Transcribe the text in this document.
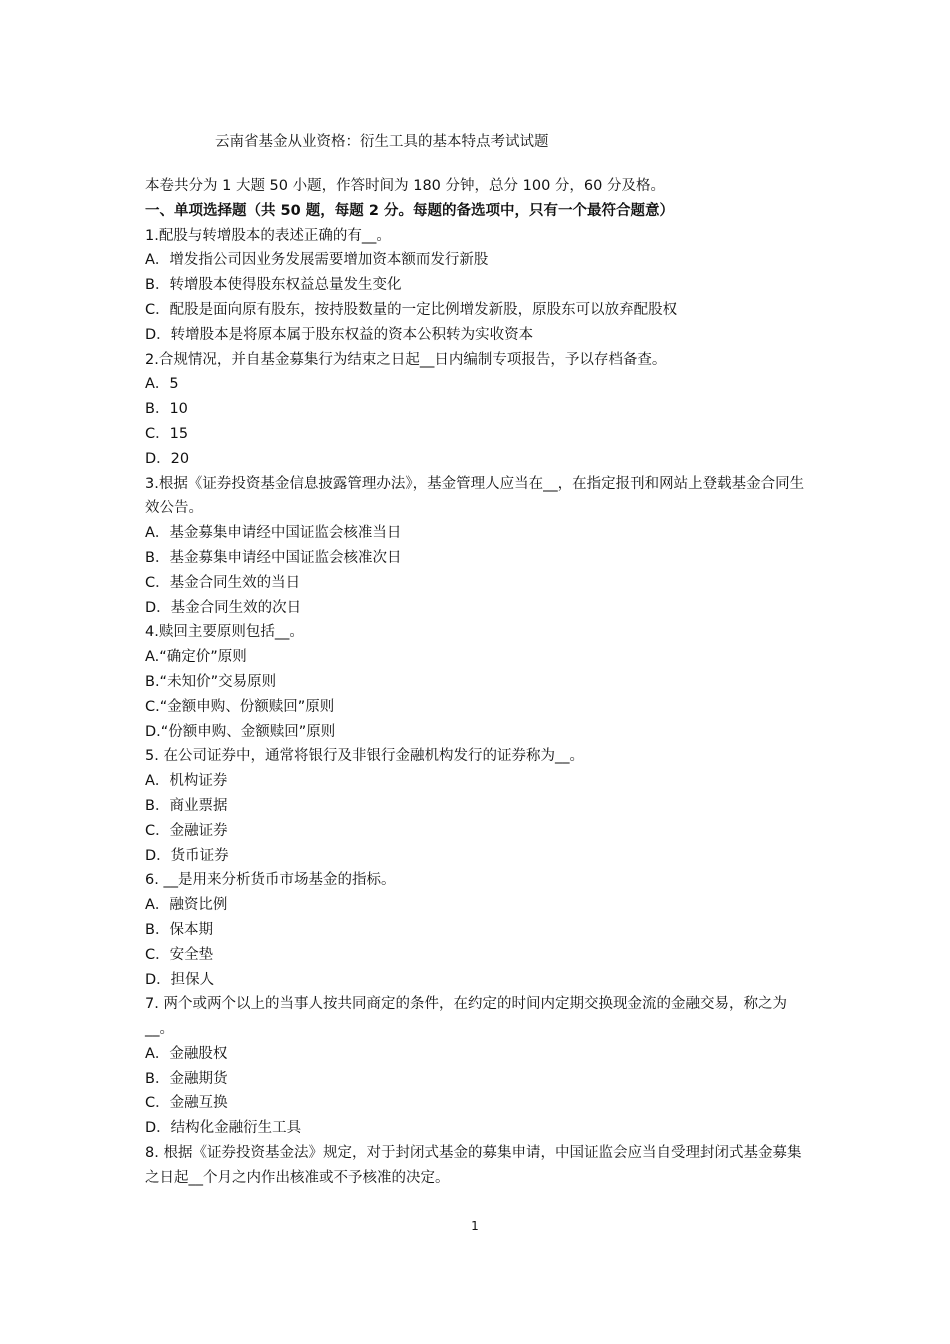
云南省基金从业资格：衍生工具的基本特点考试试题
本卷共分为 1 大题 50 小题，作答时间为 180 分钟，总分 100 分，60 分及格。
一、单项选择题（共 50 题，每题 2 分。每题的备选项中，只有一个最符合题意）
1.配股与转增股本的表述正确的有__。
A．增发指公司因业务发展需要增加资本额而发行新股
B．转增股本使得股东权益总量发生变化
C．配股是面向原有股东，按持股数量的一定比例增发新股，原股东可以放弃配股权
D．转增股本是将原本属于股东权益的资本公积转为实收资本
2.合规情况，并自基金募集行为结束之日起__日内编制专项报告，予以存档备查。
A．5
B．10
C．15
D．20
3.根据《证券投资基金信息披露管理办法》，基金管理人应当在__，在指定报刊和网站上登载基金合同生效公告。
A．基金募集申请经中国证监会核准当日
B．基金募集申请经中国证监会核准次日
C．基金合同生效的当日
D．基金合同生效的次日
4.赎回主要原则包括__。
A.“确定价”原则
B.“未知价”交易原则
C.“金额申购、份额赎回”原则
D.“份额申购、金额赎回”原则
5. 在公司证券中，通常将银行及非银行金融机构发行的证券称为__。
A．机构证券
B．商业票据
C．金融证券
D．货币证券
6. __是用来分析货币市场基金的指标。
A．融资比例
B．保本期
C．安全垫
D．担保人
7. 两个或两个以上的当事人按共同商定的条件，在约定的时间内定期交换现金流的金融交易，称之为__。
A．金融股权
B．金融期货
C．金融互换
D．结构化金融衍生工具
8. 根据《证券投资基金法》规定，对于封闭式基金的募集申请，中国证监会应当自受理封闭式基金募集之日起__个月之内作出核准或不予核准的决定。
1
